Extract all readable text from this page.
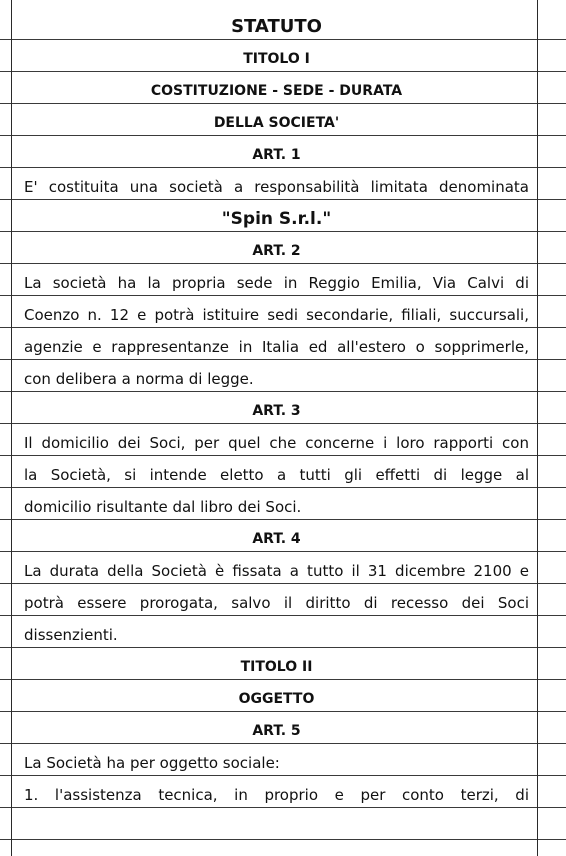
STATUTO
TITOLO I
COSTITUZIONE - SEDE - DURATA
DELLA SOCIETA'
ART. 1
E' costituita una società a responsabilità limitata denominata
"Spin S.r.l."
ART. 2
La società ha la propria sede in Reggio Emilia, Via Calvi di
Coenzo n. 12 e potrà istituire sedi secondarie, filiali, succursali,
agenzie e rappresentanze in Italia ed all'estero o sopprimerle,
con delibera a norma di legge.
ART. 3
Il domicilio dei Soci, per quel che concerne i loro rapporti con
la Società, si intende eletto a tutti gli effetti di legge al
domicilio risultante dal libro dei Soci.
ART. 4
La durata della Società è fissata a tutto il 31 dicembre 2100 e
potrà essere prorogata, salvo il diritto di recesso dei Soci
dissenzienti.
TITOLO II
OGGETTO
ART. 5
La Società ha per oggetto sociale:
1. l'assistenza tecnica, in proprio e per conto terzi, di
